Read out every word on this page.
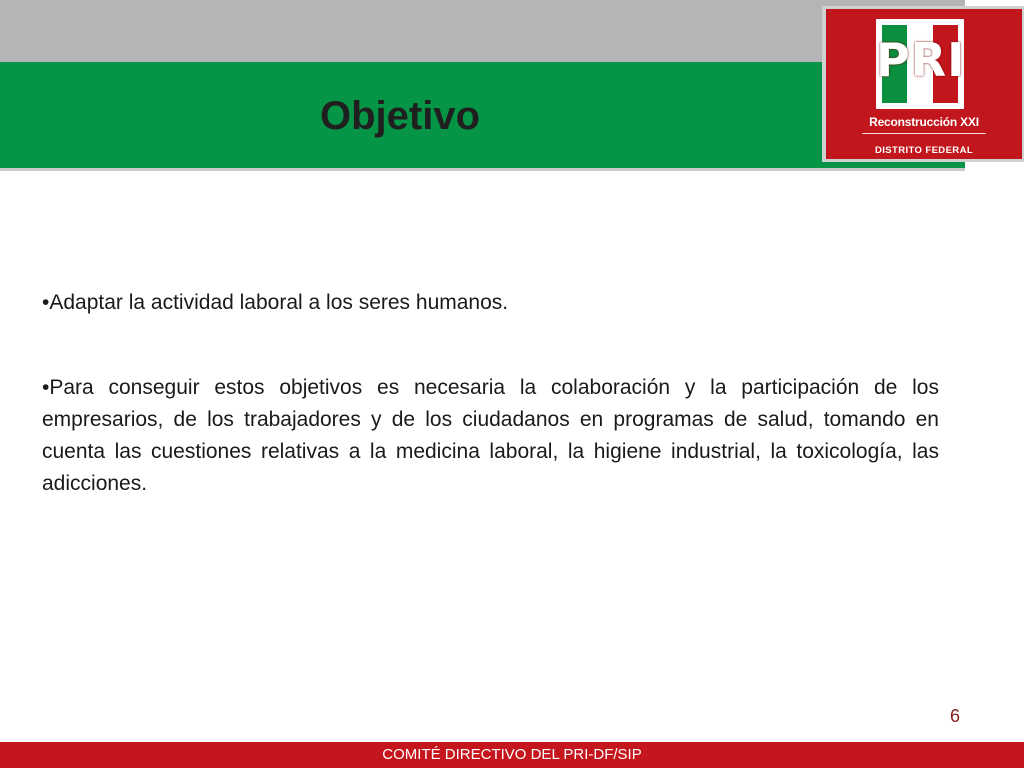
Objetivo
PRI
Reconstrucción XXI
DISTRITO FEDERAL

•Adaptar la actividad laboral a los seres humanos.

•Para conseguir estos objetivos es necesaria la colaboración y la participación de los empresarios, de los trabajadores y de los ciudadanos en programas de salud, tomando en cuenta las cuestiones relativas a la medicina laboral, la higiene industrial, la toxicología, las adicciones.

6
COMITÉ DIRECTIVO DEL PRI-DF/SIP
